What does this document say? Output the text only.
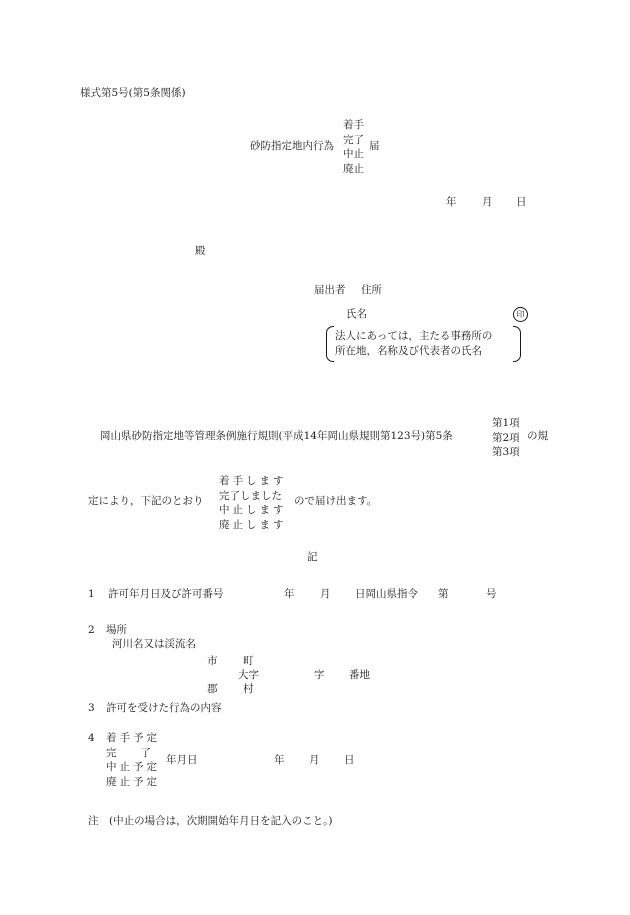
様式第5号(第5条関係)
砂防指定地内行為
着手
完了
中止
廃止
届
年 月 日
殿
届出者 住所
氏名	印
法人にあっては，主たる事務所の
所在地，名称及び代表者の氏名
岡山県砂防指定地等管理条例施行規則(平成14年岡山県規則第123号)第5条
第1項
第2項
第3項
の規
定により，下記のとおり
着手します
完了しました
中止します
廃止します
ので届け出ます。
記
1 許可年月日及び許可番号	年 月 日岡山県指令 第	号
2 場所
河川名又は渓流名
市 町
大字	字 番地
郡 村
3 許可を受けた行為の内容
4 着手予定
完了
中止予定
廃止予定
年月日	年 月 日
注　(中止の場合は，次期開始年月日を記入のこと。)
